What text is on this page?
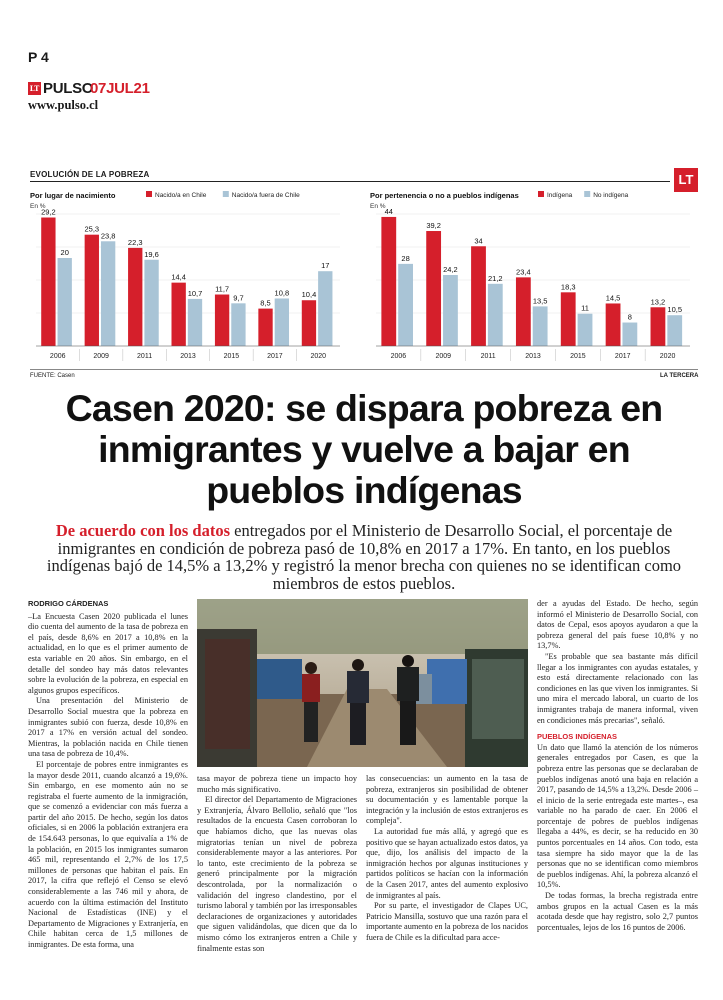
P 4
LT PULSO
07JUL21
www.pulso.cl
EVOLUCIÓN DE LA POBREZA	LT
Por lugar de nacimiento
En %
Nacido/a en Chile	Nacido/a fuera de Chile
29,2
20
2006
25,3
23,8
2009
22,3
19,6
2011
14,4
10,7
2013
11,7
9,7
2015
8,5
10,8
2017
10,4
17
2020
Por pertenencia o no a pueblos indígenas
En %
Indígena	No indígena
44
28
2006
39,2
24,2
2009
34
21,2
2011
23,4
13,5
2013
18,3
11
2015
14,5
8
2017
13,2
10,5
2020
FUENTE: Casen	LA TERCERA
Casen 2020: se dispara pobreza en inmigrantes y vuelve a bajar en pueblos indígenas
De acuerdo con los datos entregados por el Ministerio de Desarrollo Social, el porcentaje de inmigrantes en condición de pobreza pasó de 10,8% en 2017 a 17%. En tanto, en los pueblos indígenas bajó de 14,5% a 13,2% y registró la menor brecha con quienes no se identifican como miembros de estos pueblos.

RODRIGO CÁRDENAS

–La Encuesta Casen 2020 publicada el lunes dio cuenta del aumento de la tasa de pobreza en el país, desde 8,6% en 2017 a 10,8% en la actualidad, en lo que es el primer aumento de esta variable en 20 años. Sin embargo, en el detalle del sondeo hay más datos relevantes sobre la evolución de la pobreza, en especial en algunos grupos específicos.

Una presentación del Ministerio de Desarrollo Social muestra que la pobreza en inmigrantes subió con fuerza, desde 10,8% en 2017 a 17% en versión actual del sondeo. Mientras, la población nacida en Chile tienen una tasa de pobreza de 10,4%.

El porcentaje de pobres entre inmigrantes es la mayor desde 2011, cuando alcanzó a 19,6%. Sin embargo, en ese momento aún no se registraba el fuerte aumento de la inmigración, que se comenzó a evidenciar con más fuerza a partir del año 2015. De hecho, según los datos oficiales, si en 2006 la población extranjera era de 154.643 personas, lo que equivalía a 1% de la población, en 2015 los inmigrantes sumaron 465 mil, representando el 2,7% de los 17,5 millones de personas que habitan el país. En 2017, la cifra que reflejó el Censo se elevó considerablemente a las 746 mil y ahora, de acuerdo con la última estimación del Instituto Nacional de Estadísticas (INE) y el Departamento de Migraciones y Extranjería, en Chile habitan cerca de 1,5 millones de inmigrantes. De esta forma, una

tasa mayor de pobreza tiene un impacto hoy mucho más significativo.

El director del Departamento de Migraciones y Extranjería, Álvaro Bellolio, señaló que "los resultados de la encuesta Casen corroboran lo que habíamos dicho, que las nuevas olas migratorias tenían un nivel de pobreza considerablemente mayor a las anteriores. Por lo tanto, este crecimiento de la pobreza se generó principalmente por la migración descontrolada, por la normalización o validación del ingreso clandestino, por el turismo laboral y también por las irresponsables declaraciones de organizaciones y autoridades que siguen validándolas, que dicen que da lo mismo cómo los extranjeros entren a Chile y finalmente estas son

las consecuencias: un aumento en la tasa de pobreza, extranjeros sin posibilidad de obtener su documentación y es lamentable porque la integración y la inclusión de estos extranjeros es compleja".

La autoridad fue más allá, y agregó que es positivo que se hayan actualizado estos datos, ya que, dijo, los análisis del impacto de la inmigración hechos por algunas instituciones y partidos políticos se hacían con la información de la Casen 2017, antes del aumento explosivo de inmigrantes al país.

Por su parte, el investigador de Clapes UC, Patricio Mansilla, sostuvo que una razón para el importante aumento en la pobreza de los nacidos fuera de Chile es la dificultad para acce-

der a ayudas del Estado. De hecho, según informó el Ministerio de Desarrollo Social, con datos de Cepal, esos apoyos ayudaron a que la pobreza general del país fuese 10,8% y no 13,7%.

"Es probable que sea bastante más difícil llegar a los inmigrantes con ayudas estatales, y esto está directamente relacionado con las condiciones en las que viven los inmigrantes. Si uno mira el mercado laboral, un cuarto de los inmigrantes trabaja de manera informal, viven en condiciones más precarias", señaló.

PUEBLOS INDÍGENAS

Un dato que llamó la atención de los números generales entregados por Casen, es que la pobreza entre las personas que se declaraban de pueblos indígenas anotó una baja en relación a 2017, pasando de 14,5% a 13,2%. Desde 2006 –el inicio de la serie entregada este martes–, esa variable no ha parado de caer. En 2006 el porcentaje de pobres de pueblos indígenas llegaba a 44%, es decir, se ha reducido en 30 puntos porcentuales en 14 años. Con todo, esta tasa siempre ha sido mayor que la de las personas que no se identifican como miembros de pueblos indígenas. Ahí, la pobreza alcanzó el 10,5%.

De todas formas, la brecha registrada entre ambos grupos en la actual Casen es la más acotada desde que hay registro, solo 2,7 puntos porcentuales, lejos de los 16 puntos de 2006.
